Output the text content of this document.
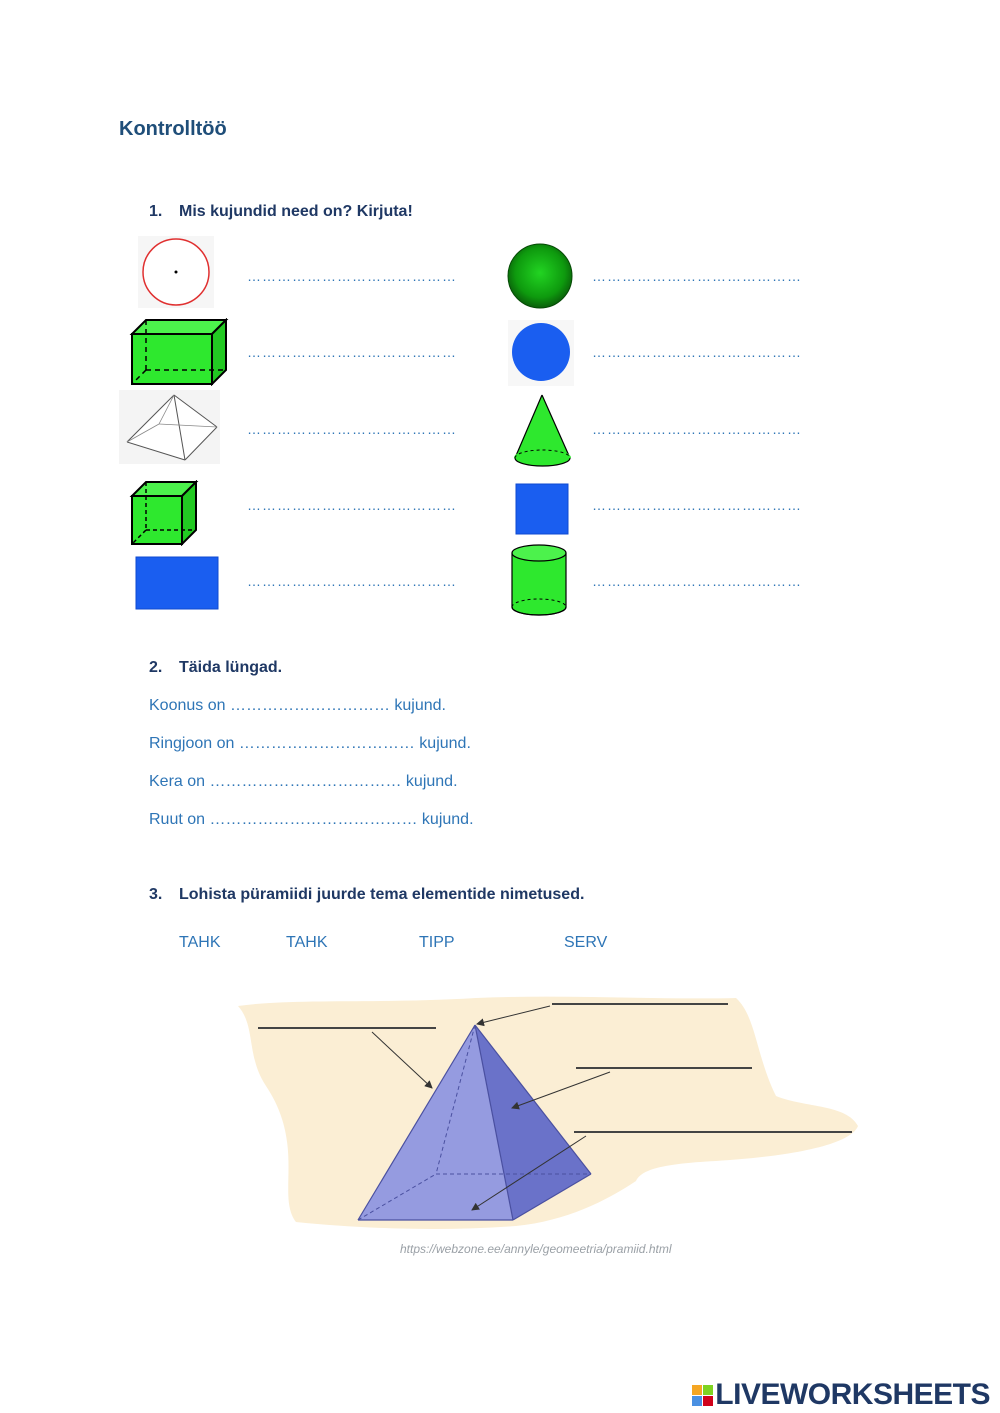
Kontrolltöö
1. Mis kujundid need on? Kirjuta!
……………………………………
……………………………………
……………………………………
……………………………………
……………………………………
……………………………………
……………………………………
……………………………………
……………………………………
……………………………………
2. Täida lüngad.
Koonus on ………………………… kujund.
Ringjoon on …………………………… kujund.
Kera on ……………………………… kujund.
Ruut on ………………………………… kujund.
3. Lohista püramiidi juurde tema elementide nimetused.
TAHK	TAHK	TIPP	SERV
https://webzone.ee/annyle/geomeetria/pramiid.html
LIVEWORKSHEETS
